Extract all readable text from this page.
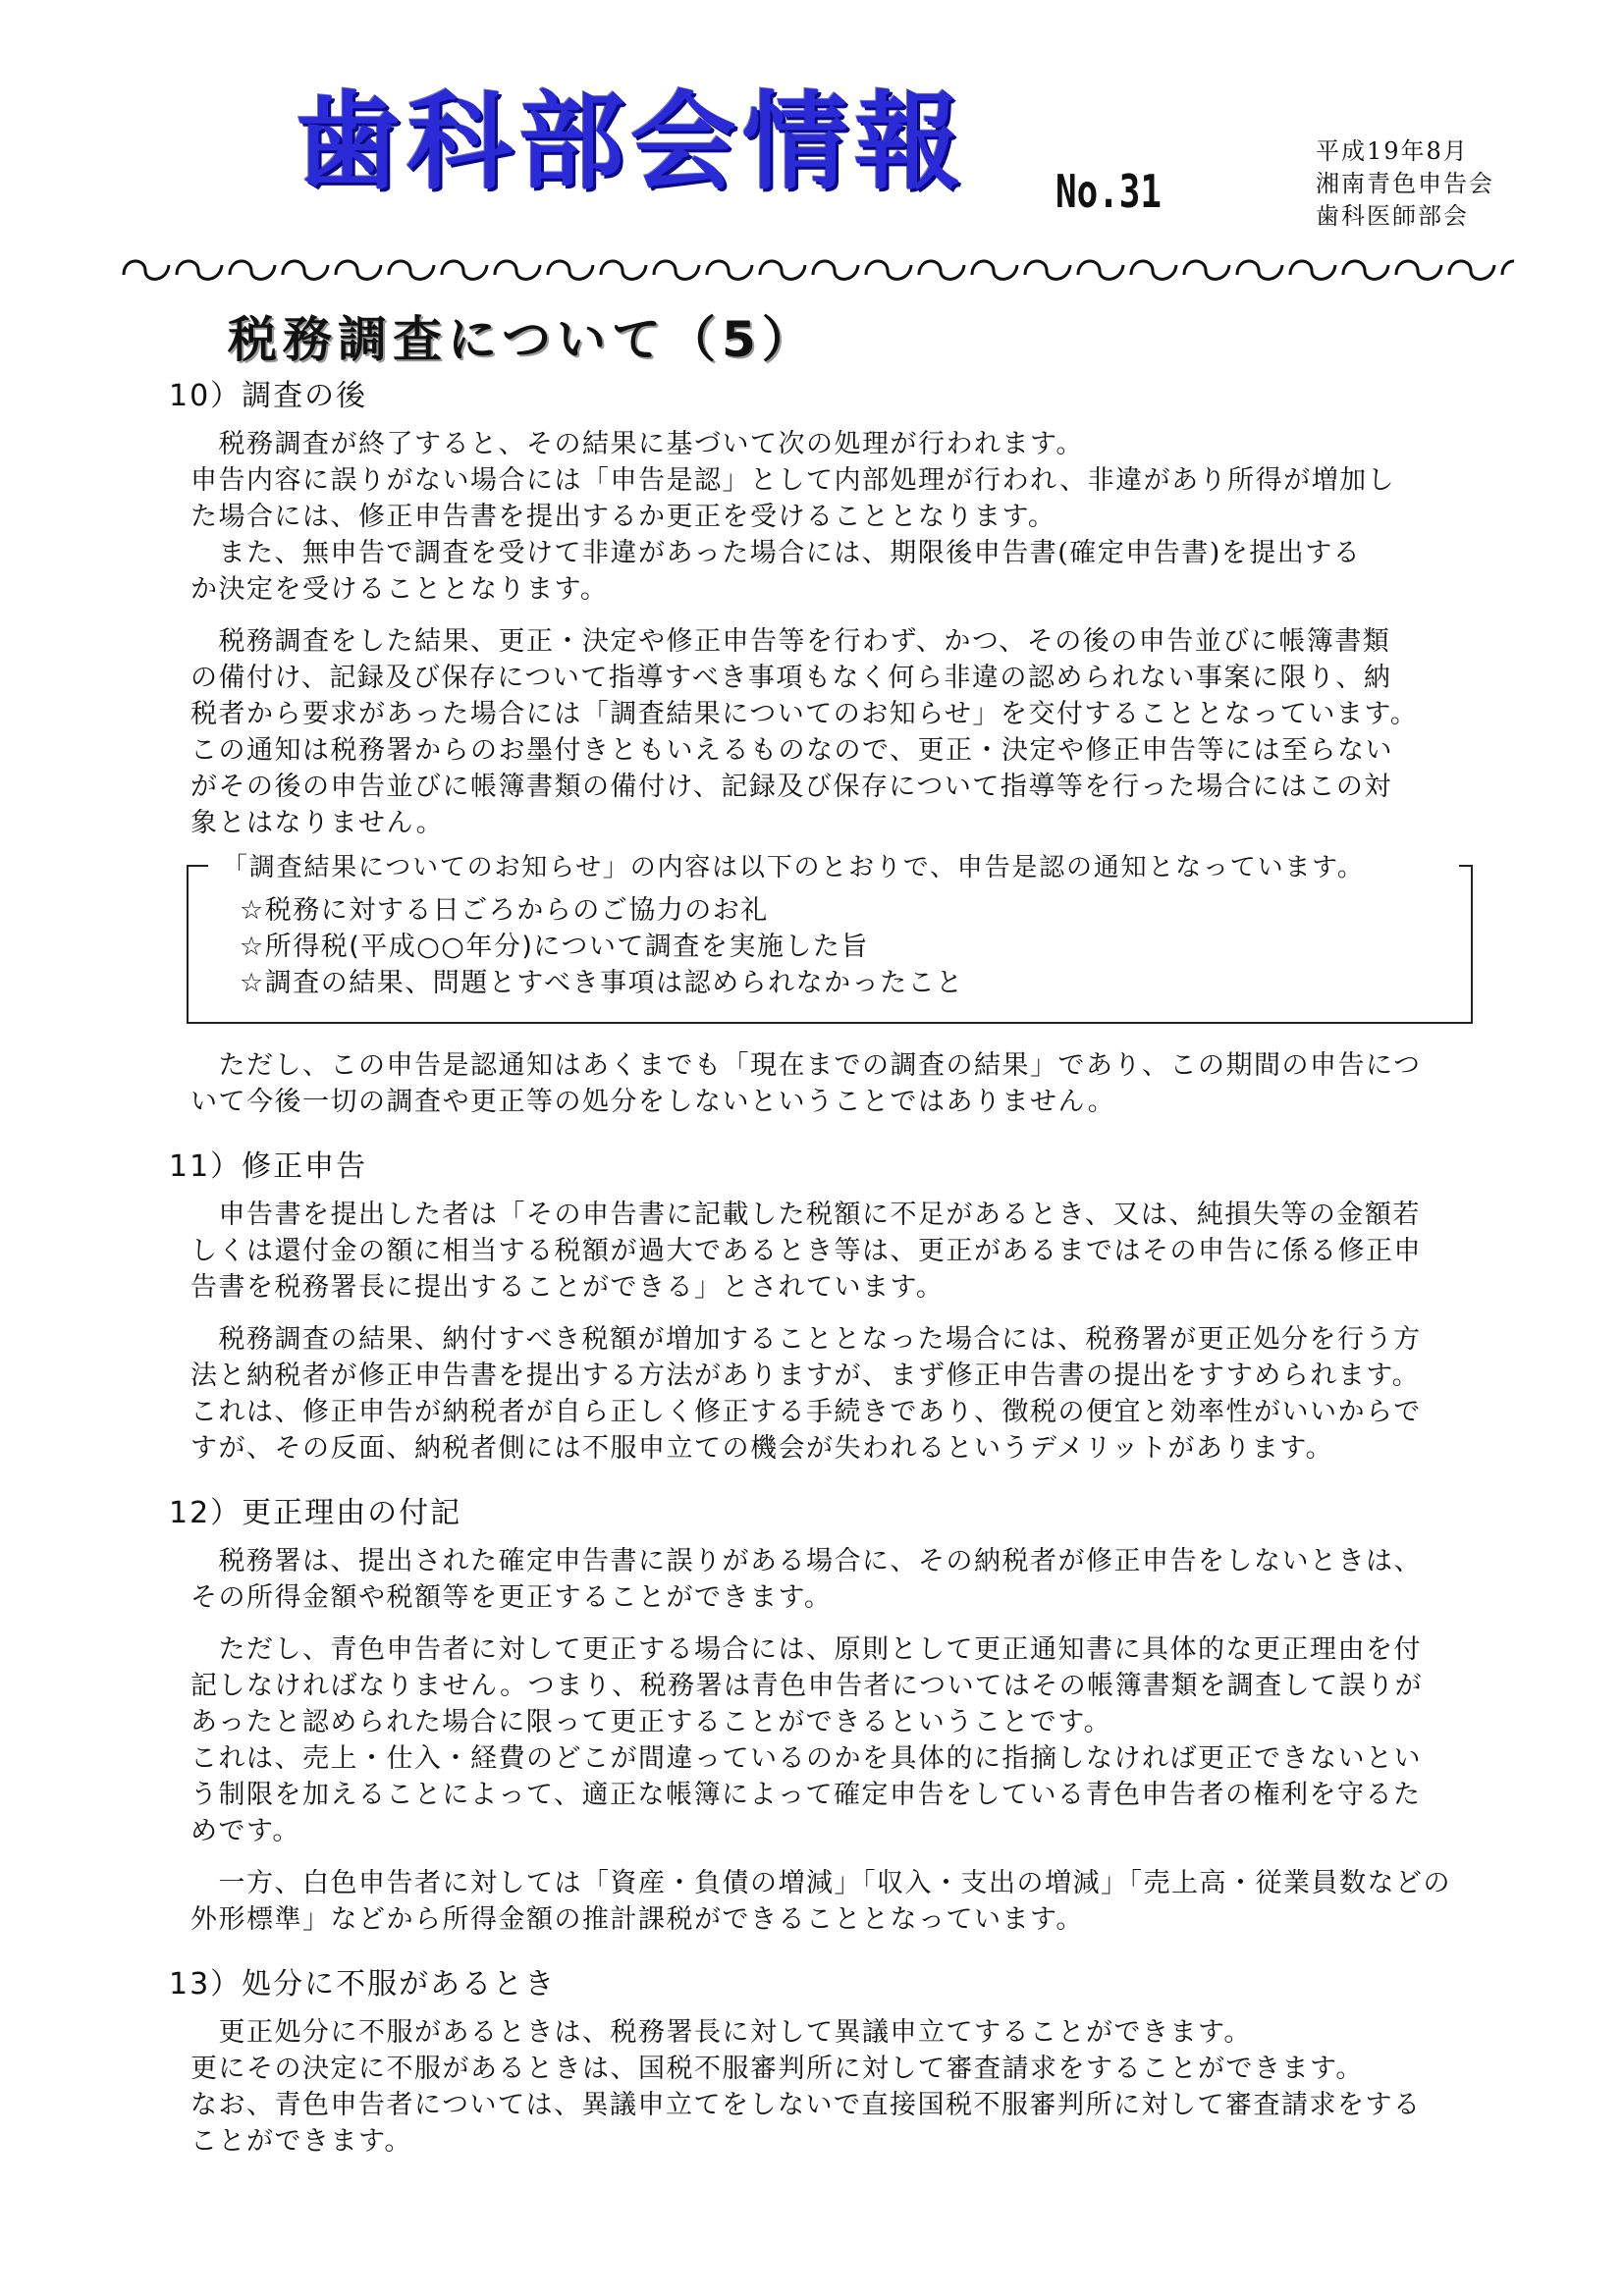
歯科部会情報 No.31
平成19年8月
湘南青色申告会
歯科医師部会
税務調査について（5）
10）調査の後
　税務調査が終了すると、その結果に基づいて次の処理が行われます。
申告内容に誤りがない場合には「申告是認」として内部処理が行われ、非違があり所得が増加し
た場合には、修正申告書を提出するか更正を受けることとなります。
　また、無申告で調査を受けて非違があった場合には、期限後申告書(確定申告書)を提出する
か決定を受けることとなります。
　税務調査をした結果、更正・決定や修正申告等を行わず、かつ、その後の申告並びに帳簿書類
の備付け、記録及び保存について指導すべき事項もなく何ら非違の認められない事案に限り、納
税者から要求があった場合には「調査結果についてのお知らせ」を交付することとなっています。
この通知は税務署からのお墨付きともいえるものなので、更正・決定や修正申告等には至らない
がその後の申告並びに帳簿書類の備付け、記録及び保存について指導等を行った場合にはこの対
象とはなりません。
「調査結果についてのお知らせ」の内容は以下のとおりで、申告是認の通知となっています。
☆税務に対する日ごろからのご協力のお礼
☆所得税(平成○○年分)について調査を実施した旨
☆調査の結果、問題とすべき事項は認められなかったこと
　ただし、この申告是認通知はあくまでも「現在までの調査の結果」であり、この期間の申告につ
いて今後一切の調査や更正等の処分をしないということではありません。
11）修正申告
　申告書を提出した者は「その申告書に記載した税額に不足があるとき、又は、純損失等の金額若
しくは還付金の額に相当する税額が過大であるとき等は、更正があるまではその申告に係る修正申
告書を税務署長に提出することができる」とされています。
　税務調査の結果、納付すべき税額が増加することとなった場合には、税務署が更正処分を行う方
法と納税者が修正申告書を提出する方法がありますが、まず修正申告書の提出をすすめられます。
これは、修正申告が納税者が自ら正しく修正する手続きであり、徴税の便宜と効率性がいいからで
すが、その反面、納税者側には不服申立ての機会が失われるというデメリットがあります。
12）更正理由の付記
　税務署は、提出された確定申告書に誤りがある場合に、その納税者が修正申告をしないときは、
その所得金額や税額等を更正することができます。
　ただし、青色申告者に対して更正する場合には、原則として更正通知書に具体的な更正理由を付
記しなければなりません。つまり、税務署は青色申告者についてはその帳簿書類を調査して誤りが
あったと認められた場合に限って更正することができるということです。
これは、売上・仕入・経費のどこが間違っているのかを具体的に指摘しなければ更正できないとい
う制限を加えることによって、適正な帳簿によって確定申告をしている青色申告者の権利を守るた
めです。
　一方、白色申告者に対しては「資産・負債の増減」「収入・支出の増減」「売上高・従業員数などの
外形標準」などから所得金額の推計課税ができることとなっています。
13）処分に不服があるとき
　更正処分に不服があるときは、税務署長に対して異議申立てすることができます。
更にその決定に不服があるときは、国税不服審判所に対して審査請求をすることができます。
なお、青色申告者については、異議申立てをしないで直接国税不服審判所に対して審査請求をする
ことができます。
